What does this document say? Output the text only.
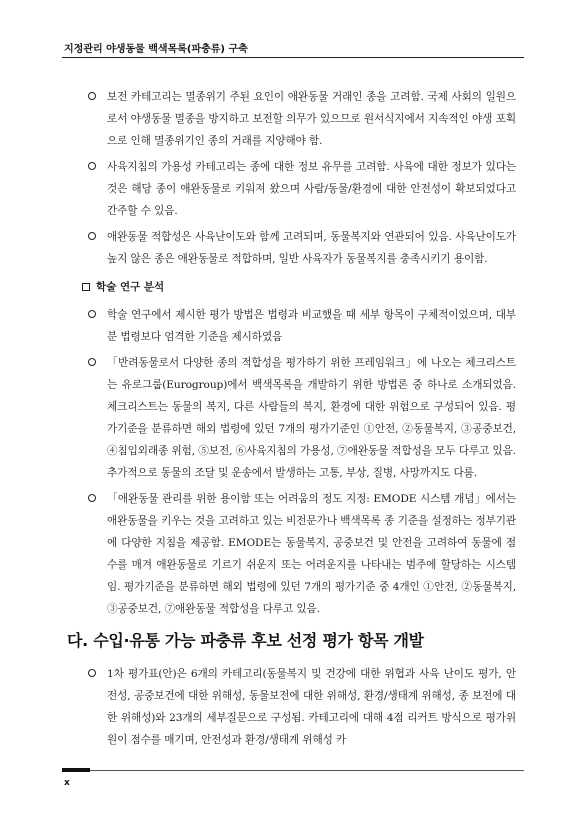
지정관리 야생동물 백색목록(파충류) 구축

보전 카테고리는 멸종위기 주된 요인이 애완동물 거래인 종을 고려함. 국제 사회의 일원으로서 야생동물 멸종을 방지하고 보전할 의무가 있으므로 원서식지에서 지속적인 야생 포획으로 인해 멸종위기인 종의 거래를 지양해야 함.

사육지침의 가용성 카테고리는 종에 대한 정보 유무를 고려함. 사육에 대한 정보가 있다는 것은 해당 종이 애완동물로 키워져 왔으며 사람/동물/환경에 대한 안전성이 확보되었다고 간주할 수 있음.

애완동물 적합성은 사육난이도와 함께 고려되며, 동물복지와 연관되어 있음. 사육난이도가 높지 않은 종은 애완동물로 적합하며, 일반 사육자가 동물복지를 충족시키기 용이함.

학술 연구 분석

학술 연구에서 제시한 평가 방법은 법령과 비교했을 때 세부 항목이 구체적이었으며, 대부분 법령보다 엄격한 기준을 제시하였음

「반려동물로서 다양한 종의 적합성을 평가하기 위한 프레임워크」에 나오는 체크리스트는 유로그룹(Eurogroup)에서 백색목록을 개발하기 위한 방법론 중 하나로 소개되었음. 체크리스트는 동물의 복지, 다른 사람들의 복지, 환경에 대한 위험으로 구성되어 있음. 평가기준을 분류하면 해외 법령에 있던 7개의 평가기준인 ①안전, ②동물복지, ③공중보건, ④침입외래종 위험, ⑤보전, ⑥사육지침의 가용성, ⑦애완동물 적합성을 모두 다루고 있음. 추가적으로 동물의 조달 및 운송에서 발생하는 고통, 부상, 질병, 사망까지도 다룸.

「애완동물 관리를 위한 용이함 또는 어려움의 정도 지정: EMODE 시스템 개념」에서는 애완동물을 키우는 것을 고려하고 있는 비전문가나 백색목록 종 기준을 설정하는 정부기관에 다양한 지침을 제공함. EMODE는 동물복지, 공중보건 및 안전을 고려하여 동물에 점수를 매겨 애완동물로 기르기 쉬운지 또는 어려운지를 나타내는 범주에 할당하는 시스템임. 평가기준을 분류하면 해외 법령에 있던 7개의 평가기준 중 4개인 ①안전, ②동물복지, ③공중보건, ⑦애완동물 적합성을 다루고 있음.

다. 수입·유통 가능 파충류 후보 선정 평가 항목 개발

1차 평가표(안)은 6개의 카테고리(동물복지 및 건강에 대한 위협과 사육 난이도 평가, 안전성, 공중보건에 대한 위해성, 동물보전에 대한 위해성, 환경/생태계 위해성, 종 보전에 대한 위해성)와 23개의 세부질문으로 구성됨. 카테고리에 대해 4점 리커트 방식으로 평가위원이 점수를 매기며, 안전성과 환경/생태계 위해성 카

x
